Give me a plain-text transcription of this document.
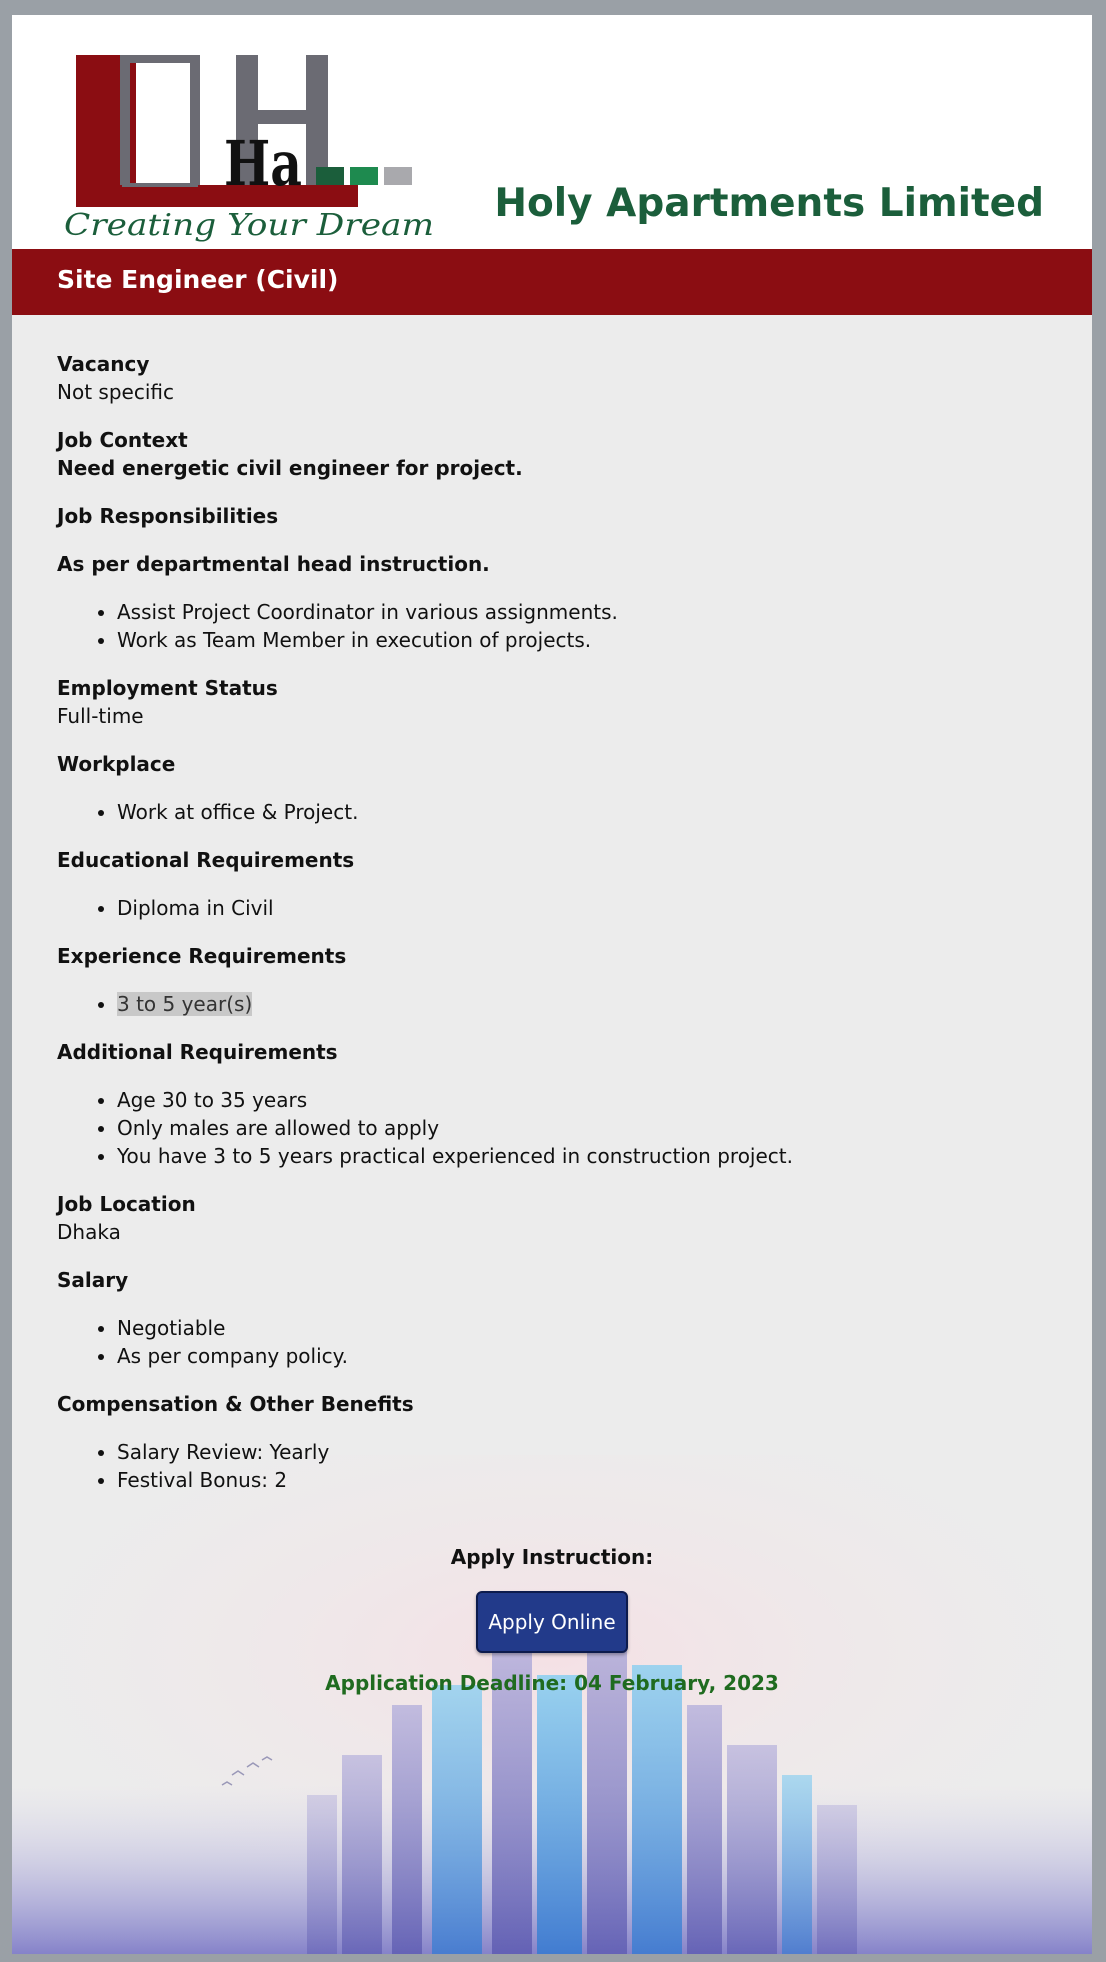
Ha
Creating Your Dream Holy Apartments Limited
Site Engineer (Civil)

Vacancy

Not specific

Job Context

Need energetic civil engineer for project.

Job Responsibilities

As per departmental head instruction.

• Assist Project Coordinator in various assignments.
• Work as Team Member in execution of projects.

Employment Status

Full-time

Workplace

• Work at office & Project.

Educational Requirements

• Diploma in Civil

Experience Requirements

• 3 to 5 year(s)

Additional Requirements

• Age 30 to 35 years
• Only males are allowed to apply
• You have 3 to 5 years practical experienced in construction project.

Job Location

Dhaka

Salary

• Negotiable
• As per company policy.

Compensation & Other Benefits

• Salary Review: Yearly
• Festival Bonus: 2

Apply Instruction:

Apply Online
Application Deadline: 04 February, 2023
